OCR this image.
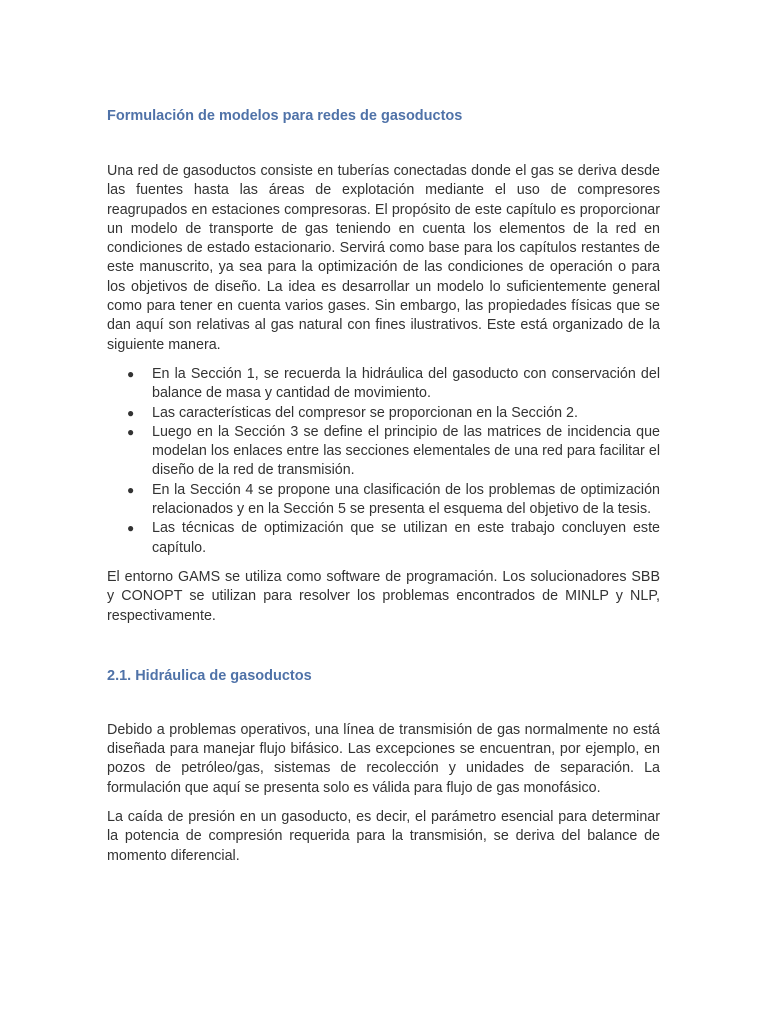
Formulación de modelos para redes de gasoductos

Una red de gasoductos consiste en tuberías conectadas donde el gas se deriva desde las fuentes hasta las áreas de explotación mediante el uso de compresores reagrupados en estaciones compresoras. El propósito de este capítulo es proporcionar un modelo de transporte de gas teniendo en cuenta los elementos de la red en condiciones de estado estacionario. Servirá como base para los capítulos restantes de este manuscrito, ya sea para la optimización de las condiciones de operación o para los objetivos de diseño. La idea es desarrollar un modelo lo suficientemente general como para tener en cuenta varios gases. Sin embargo, las propiedades físicas que se dan aquí son relativas al gas natural con fines ilustrativos. Este está organizado de la siguiente manera.

● En la Sección 1, se recuerda la hidráulica del gasoducto con conservación del balance de masa y cantidad de movimiento.
● Las características del compresor se proporcionan en la Sección 2.
● Luego en la Sección 3 se define el principio de las matrices de incidencia que modelan los enlaces entre las secciones elementales de una red para facilitar el diseño de la red de transmisión.
● En la Sección 4 se propone una clasificación de los problemas de optimización relacionados y en la Sección 5 se presenta el esquema del objetivo de la tesis.
● Las técnicas de optimización que se utilizan en este trabajo concluyen este capítulo.

El entorno GAMS se utiliza como software de programación. Los solucionadores SBB y CONOPT se utilizan para resolver los problemas encontrados de MINLP y NLP, respectivamente.

2.1. Hidráulica de gasoductos

Debido a problemas operativos, una línea de transmisión de gas normalmente no está diseñada para manejar flujo bifásico. Las excepciones se encuentran, por ejemplo, en pozos de petróleo/gas, sistemas de recolección y unidades de separación. La formulación que aquí se presenta solo es válida para flujo de gas monofásico.

La caída de presión en un gasoducto, es decir, el parámetro esencial para determinar la potencia de compresión requerida para la transmisión, se deriva del balance de momento diferencial.
